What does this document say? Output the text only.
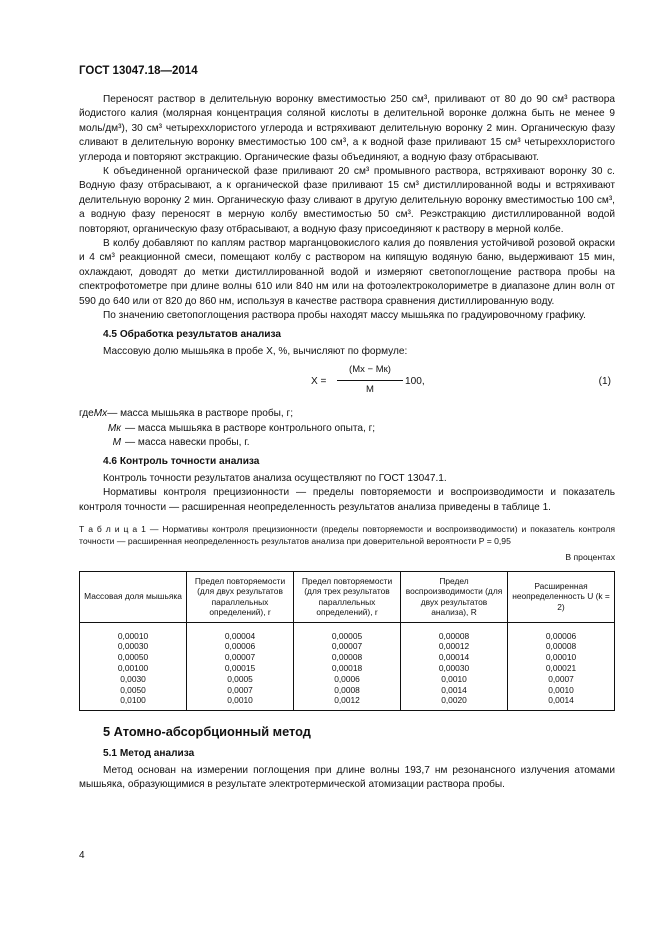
ГОСТ 13047.18—2014

Переносят раствор в делительную воронку вместимостью 250 см³, приливают от 80 до 90 см³ раствора йодистого калия (молярная концентрация соляной кислоты в делительной воронке должна быть не менее 9 моль/дм³), 30 см³ четыреххлористого углерода и встряхивают делительную воронку 2 мин. Органическую фазу сливают в делительную воронку вместимостью 100 см³, а к водной фазе приливают 15 см³ четыреххлористого углерода и повторяют экстракцию. Органические фазы объединяют, а водную фазу отбрасывают.

К объединенной органической фазе приливают 20 см³ промывного раствора, встряхивают воронку 30 с. Водную фазу отбрасывают, а к органической фазе приливают 15 см³ дистиллированной воды и встряхивают делительную воронку 2 мин. Органическую фазу сливают в другую делительную воронку вместимостью 100 см³, а водную фазу переносят в мерную колбу вместимостью 50 см³. Реэкстракцию дистиллированной водой повторяют, органическую фазу отбрасывают, а водную фазу присоединяют к раствору в мерной колбе.

В колбу добавляют по каплям раствор марганцовокислого калия до появления устойчивой розовой окраски и 4 см³ реакционной смеси, помещают колбу с раствором на кипящую водяную баню, выдерживают 15 мин, охлаждают, доводят до метки дистиллированной водой и измеряют светопоглощение раствора пробы на спектрофотометре при длине волны 610 или 840 нм или на фотоэлектроколориметре в диапазоне длин волн от 590 до 640 или от 820 до 860 нм, используя в качестве раствора сравнения дистиллированную воду.

По значению светопоглощения раствора пробы находят массу мышьяка по градуировочному графику.

4.5 Обработка результатов анализа

Массовую долю мышьяка в пробе X, %, вычисляют по формуле:

X =
(Mx − Mк)
M
100,	(1)
где Mx — масса мышьяка в растворе пробы, г;
Mк — масса мышьяка в растворе контрольного опыта, г;
M — масса навески пробы, г.
4.6 Контроль точности анализа

Контроль точности результатов анализа осуществляют по ГОСТ 13047.1.

Нормативы контроля прецизионности — пределы повторяемости и воспроизводимости и показатель контроля точности — расширенная неопределенность результатов анализа приведены в таблице 1.

Т а б л и ц а 1 — Нормативы контроля прецизионности (пределы повторяемости и воспроизводимости) и показатель контроля точности — расширенная неопределенность результатов анализа при доверительной вероятности P = 0,95
В процентах
Массовая доля мышьяка	Предел повторяемости (для двух результатов параллельных определений), r	Предел повторяемости (для трех результатов параллельных определений), r	Предел воспроизводимости (для двух результатов анализа), R	Расширенная неопределенность U (k = 2)
0,00010	0,00004	0,00005	0,00008	0,00006
0,00030	0,00006	0,00007	0,00012	0,00008
0,00050	0,00007	0,00008	0,00014	0,00010
0,00100	0,00015	0,00018	0,00030	0,00021
0,0030	0,0005	0,0006	0,0010	0,0007
0,0050	0,0007	0,0008	0,0014	0,0010
0,0100	0,0010	0,0012	0,0020	0,0014
5 Атомно-абсорбционный метод
5.1 Метод анализа

Метод основан на измерении поглощения при длине волны 193,7 нм резонансного излучения атомами мышьяка, образующимися в результате электротермической атомизации раствора пробы.

4
